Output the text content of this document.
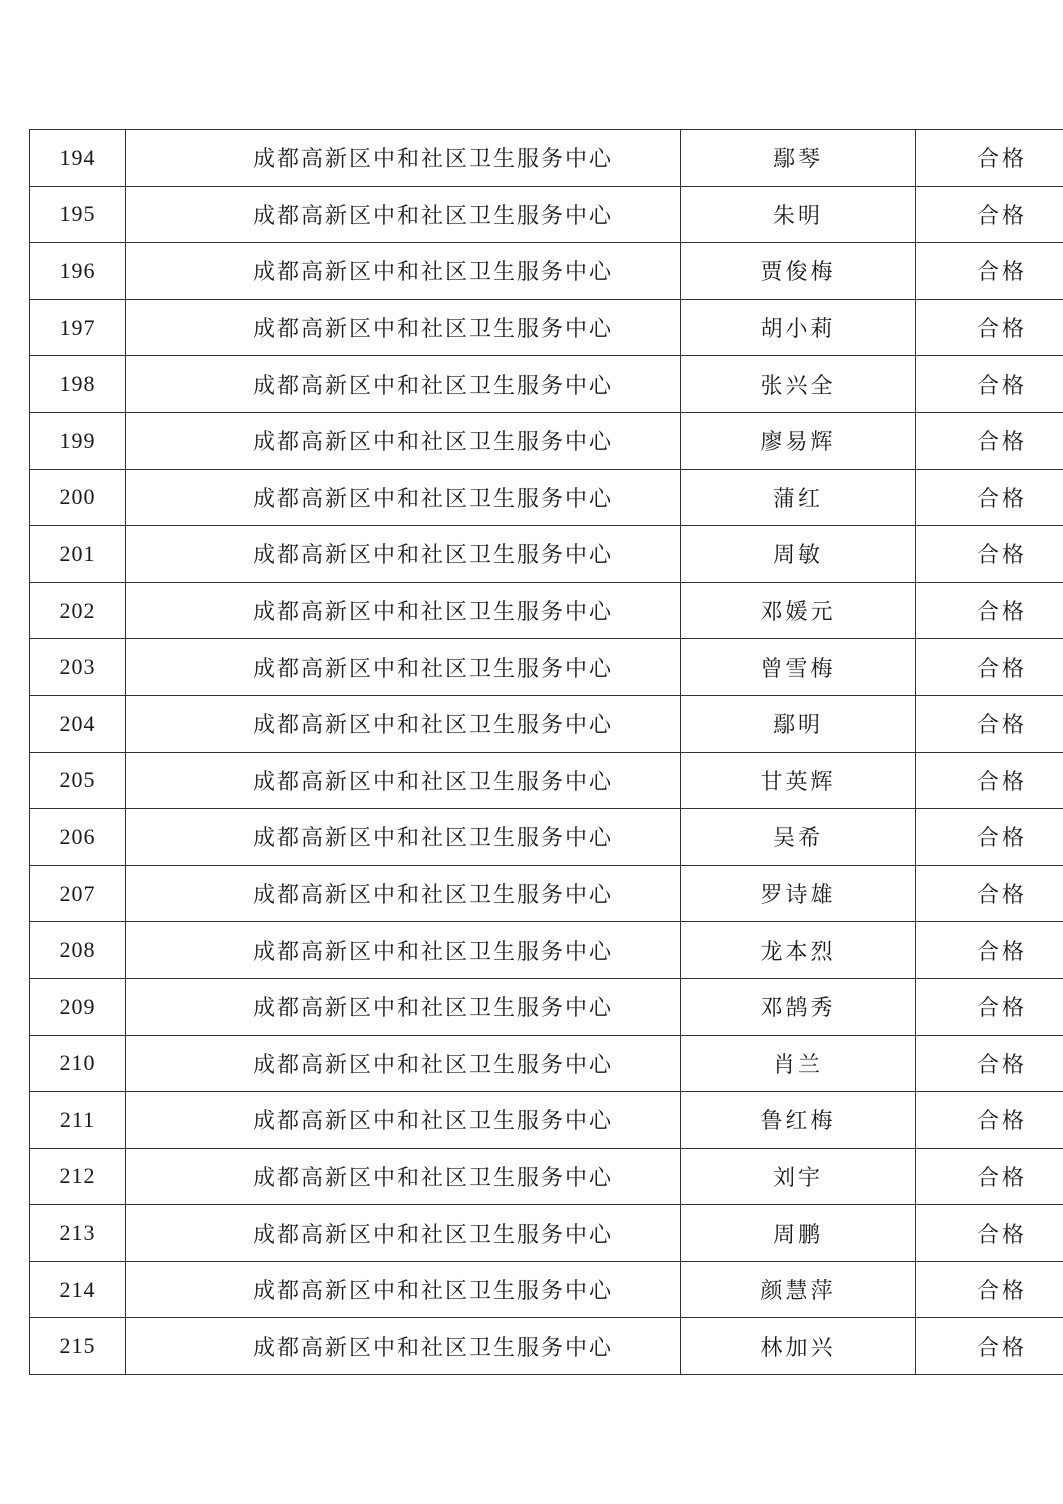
194	成都高新区中和社区卫生服务中心	鄢琴	合格
195	成都高新区中和社区卫生服务中心	朱明	合格
196	成都高新区中和社区卫生服务中心	贾俊梅	合格
197	成都高新区中和社区卫生服务中心	胡小莉	合格
198	成都高新区中和社区卫生服务中心	张兴全	合格
199	成都高新区中和社区卫生服务中心	廖易辉	合格
200	成都高新区中和社区卫生服务中心	蒲红	合格
201	成都高新区中和社区卫生服务中心	周敏	合格
202	成都高新区中和社区卫生服务中心	邓媛元	合格
203	成都高新区中和社区卫生服务中心	曾雪梅	合格
204	成都高新区中和社区卫生服务中心	鄢明	合格
205	成都高新区中和社区卫生服务中心	甘英辉	合格
206	成都高新区中和社区卫生服务中心	吴希	合格
207	成都高新区中和社区卫生服务中心	罗诗雄	合格
208	成都高新区中和社区卫生服务中心	龙本烈	合格
209	成都高新区中和社区卫生服务中心	邓鹄秀	合格
210	成都高新区中和社区卫生服务中心	肖兰	合格
211	成都高新区中和社区卫生服务中心	鲁红梅	合格
212	成都高新区中和社区卫生服务中心	刘宇	合格
213	成都高新区中和社区卫生服务中心	周鹏	合格
214	成都高新区中和社区卫生服务中心	颜慧萍	合格
215	成都高新区中和社区卫生服务中心	林加兴	合格
